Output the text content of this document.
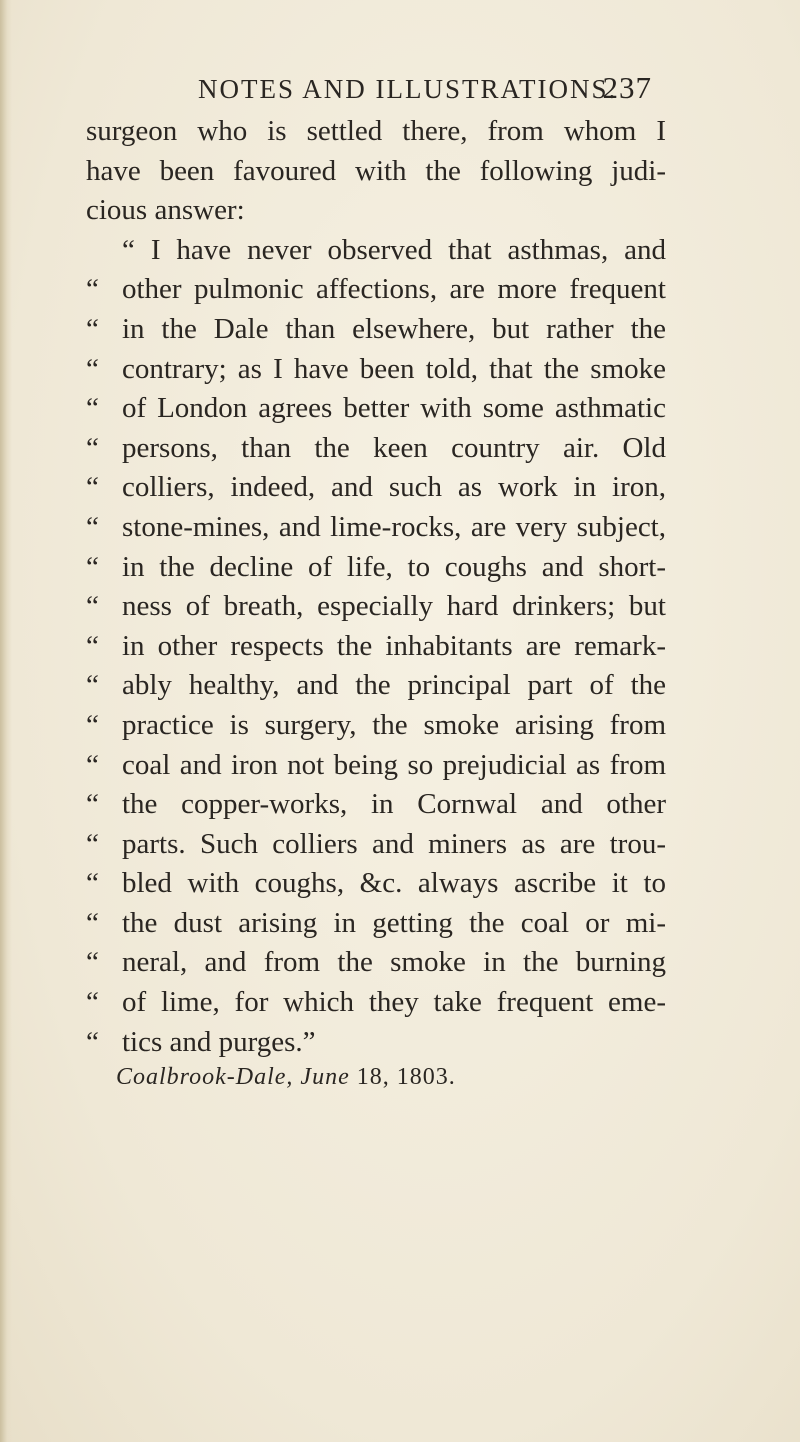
NOTES AND ILLUSTRATIONS.
237
surgeon who is settled there, from whom I
have been favoured with the following judi-
cious answer:
“ I have never observed that asthmas, and
“ other pulmonic affections, are more frequent
“ in the Dale than elsewhere, but rather the
“ contrary; as I have been told, that the smoke
“ of London agrees better with some asthmatic
“ persons, than the keen country air. Old
“ colliers, indeed, and such as work in iron,
“ stone-mines, and lime-rocks, are very subject,
“ in the decline of life, to coughs and short-
“ ness of breath, especially hard drinkers; but
“ in other respects the inhabitants are remark-
“ ably healthy, and the principal part of the
“ practice is surgery, the smoke arising from
“ coal and iron not being so prejudicial as from
“ the copper-works, in Cornwal and other
“ parts. Such colliers and miners as are trou-
“ bled with coughs, &c. always ascribe it to
“ the dust arising in getting the coal or mi-
“ neral, and from the smoke in the burning
“ of lime, for which they take frequent eme-
“ tics and purges.”
Coalbrook-Dale, June 18, 1803.
